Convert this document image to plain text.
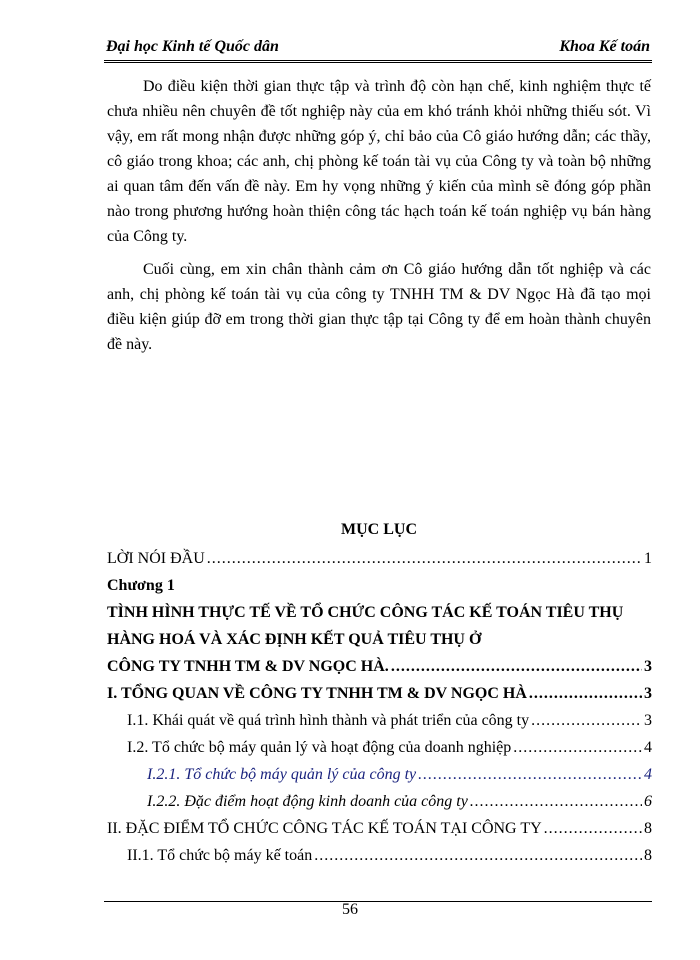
Đại học Kinh tế Quốc dân	Khoa Kế toán

Do điều kiện thời gian thực tập và trình độ còn hạn chế, kinh nghiệm thực tế chưa nhiều nên chuyên đề tốt nghiệp này của em khó tránh khỏi những thiếu sót. Vì vậy, em rất mong nhận được những góp ý, chỉ bảo của Cô giáo hướng dẫn; các thầy, cô giáo trong khoa; các anh, chị phòng kế toán tài vụ của Công ty và toàn bộ những ai quan tâm đến vấn đề này. Em hy vọng những ý kiến của mình sẽ đóng góp phần nào trong phương hướng hoàn thiện công tác hạch toán kế toán nghiệp vụ bán hàng của Công ty.

Cuối cùng, em xin chân thành cảm ơn Cô giáo hướng dẫn tốt nghiệp và các anh, chị phòng kế toán tài vụ của công ty TNHH TM & DV Ngọc Hà đã tạo mọi điều kiện giúp đỡ em trong thời gian thực tập tại Công ty để em hoàn thành chuyên đề này.

MỤC LỤC
LỜI NÓI ĐẦU .....	1
Chương 1
TÌNH HÌNH THỰC TẾ VỀ TỔ CHỨC CÔNG TÁC KẾ TOÁN TIÊU THỤ
HÀNG HOÁ VÀ XÁC ĐỊNH KẾT QUẢ TIÊU THỤ Ở
CÔNG TY TNHH TM & DV NGỌC HÀ. .....	3
I. TỔNG QUAN VỀ CÔNG TY TNHH TM & DV NGỌC HÀ .....	3
I.1. Khái quát về quá trình hình thành và phát triển của công ty .....	3
I.2. Tổ chức bộ máy quản lý và hoạt động của doanh nghiệp .....	4
I.2.1. Tổ chức bộ máy quản lý của công ty .....	4
I.2.2. Đặc điểm hoạt động kinh doanh của công ty .....	6
II. ĐẶC ĐIỂM TỔ CHỨC CÔNG TÁC KẾ TOÁN TẠI CÔNG TY .....	8
II.1. Tổ chức bộ máy kế toán .....	8
56
